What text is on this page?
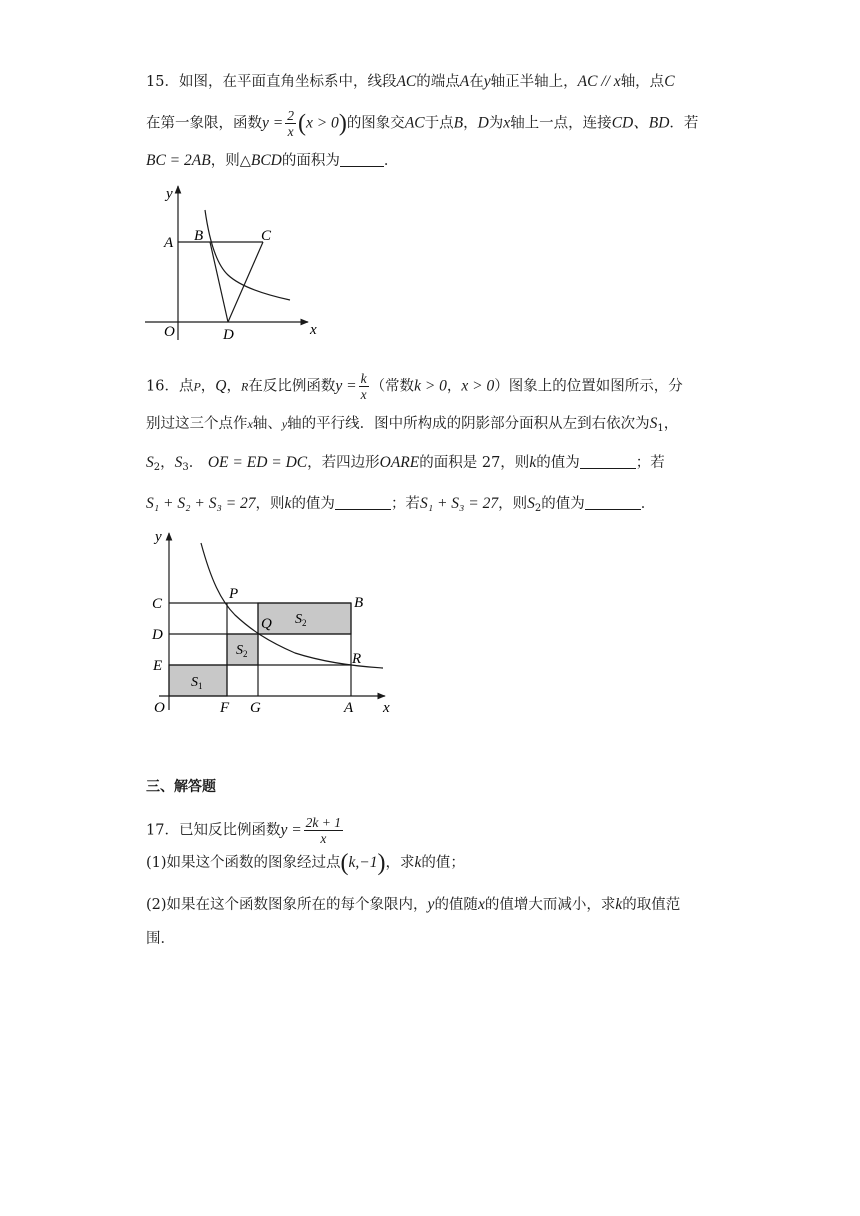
15．如图，在平面直角坐标系中，线段AC的端点A在y轴正半轴上，AC // x轴，点C
在第一象限，函数$y = \frac{2}{x} (x > 0)$的图象交AC于点B，D为x轴上一点，连接CD、BD．若
BC = 2AB，则△BCD的面积为	．
y
A B	C
O	D	x
16．点P，Q，R在反比例函数$y = \frac{k}{x}$ （常数k > 0，x > 0）图象上的位置如图所示，分
别过这三个点作x轴、y轴的平行线．图中所构成的阴影部分面积从左到右依次为$S_1$，
$S_2$，$S_3$． OE = ED = DC，若四边形OARE的面积是 27，则k的值为	；若
S₁ + S₂ + S₃ = 27，则k的值为	；若S₁ + S₃ = 27，则$S_2$的值为	．
y
C
P
B
D
Q
E	R
O	F G	A x
$S_1$
$S_2$
$S_2$
三、解答题
17．已知反比例函数$y = \frac{2k + 1}{x}$
(1)如果这个函数的图象经过点(k,−1)，求k的值；
(2)如果在这个函数图象所在的每个象限内，y的值随x的值增大而减小，求k的取值范
围．
